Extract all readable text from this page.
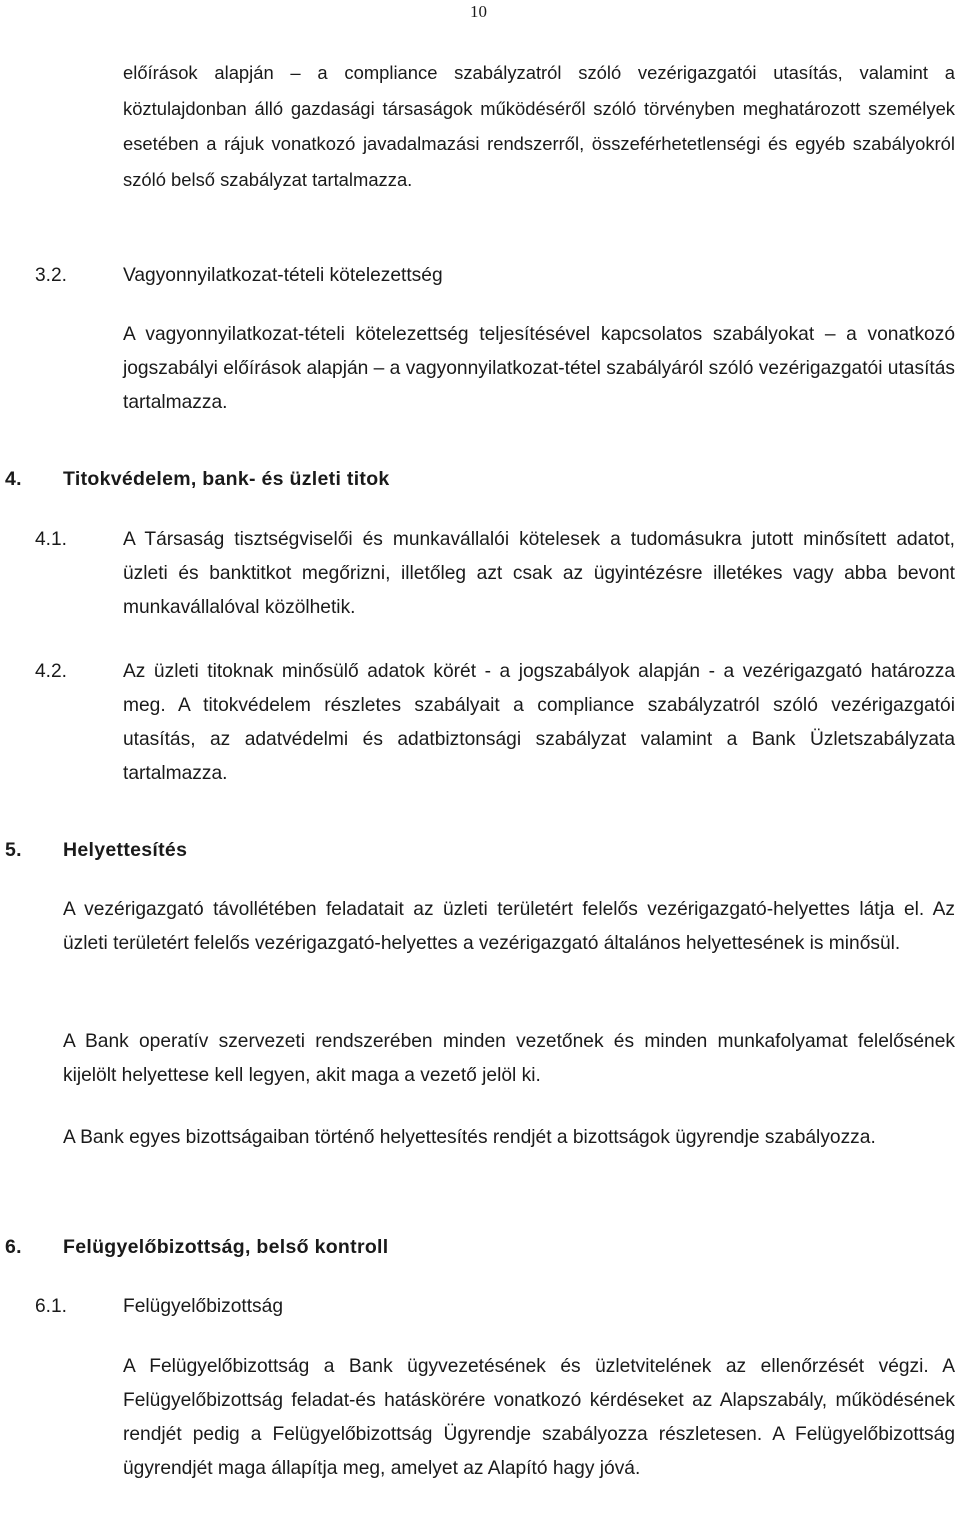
10

előírások alapján – a compliance szabályzatról szóló vezérigazgatói utasítás, valamint a köztulajdonban álló gazdasági társaságok működéséről szóló törvényben meghatározott személyek esetében a rájuk vonatkozó javadalmazási rendszerről, összeférhetetlenségi és egyéb szabályokról szóló belső szabályzat tartalmazza.

3.2.	Vagyonnyilatkozat-tételi kötelezettség

A vagyonnyilatkozat-tételi kötelezettség teljesítésével kapcsolatos szabályokat – a vonatkozó jogszabályi előírások alapján – a vagyonnyilatkozat-tétel szabályáról szóló vezérigazgatói utasítás tartalmazza.

4. Titokvédelem, bank- és üzleti titok
4.1.	A Társaság tisztségviselői és munkavállalói kötelesek a tudomásukra jutott minősített adatot, üzleti és banktitkot megőrizni, illetőleg azt csak az ügyintézésre illetékes vagy abba bevont munkavállalóval közölhetik.

4.2.	Az üzleti titoknak minősülő adatok körét - a jogszabályok alapján - a vezérigazgató határozza meg. A titokvédelem részletes szabályait a compliance szabályzatról szóló vezérigazgatói utasítás, az adatvédelmi és adatbiztonsági szabályzat valamint a Bank Üzletszabályzata tartalmazza.

5. Helyettesítés

A vezérigazgató távollétében feladatait az üzleti területért felelős vezérigazgató-helyettes látja el. Az üzleti területért felelős vezérigazgató-helyettes a vezérigazgató általános helyettesének is minősül.

A Bank operatív szervezeti rendszerében minden vezetőnek és minden munkafolyamat felelősének kijelölt helyettese kell legyen, akit maga a vezető jelöl ki.

A Bank egyes bizottságaiban történő helyettesítés rendjét a bizottságok ügyrendje szabályozza.

6. Felügyelőbizottság, belső kontroll
6.1.	Felügyelőbizottság

A Felügyelőbizottság a Bank ügyvezetésének és üzletvitelének az ellenőrzését végzi. A Felügyelőbizottság feladat-és hatáskörére vonatkozó kérdéseket az Alapszabály, működésének rendjét pedig a Felügyelőbizottság Ügyrendje szabályozza részletesen. A Felügyelőbizottság ügyrendjét maga állapítja meg, amelyet az Alapító hagy jóvá.
